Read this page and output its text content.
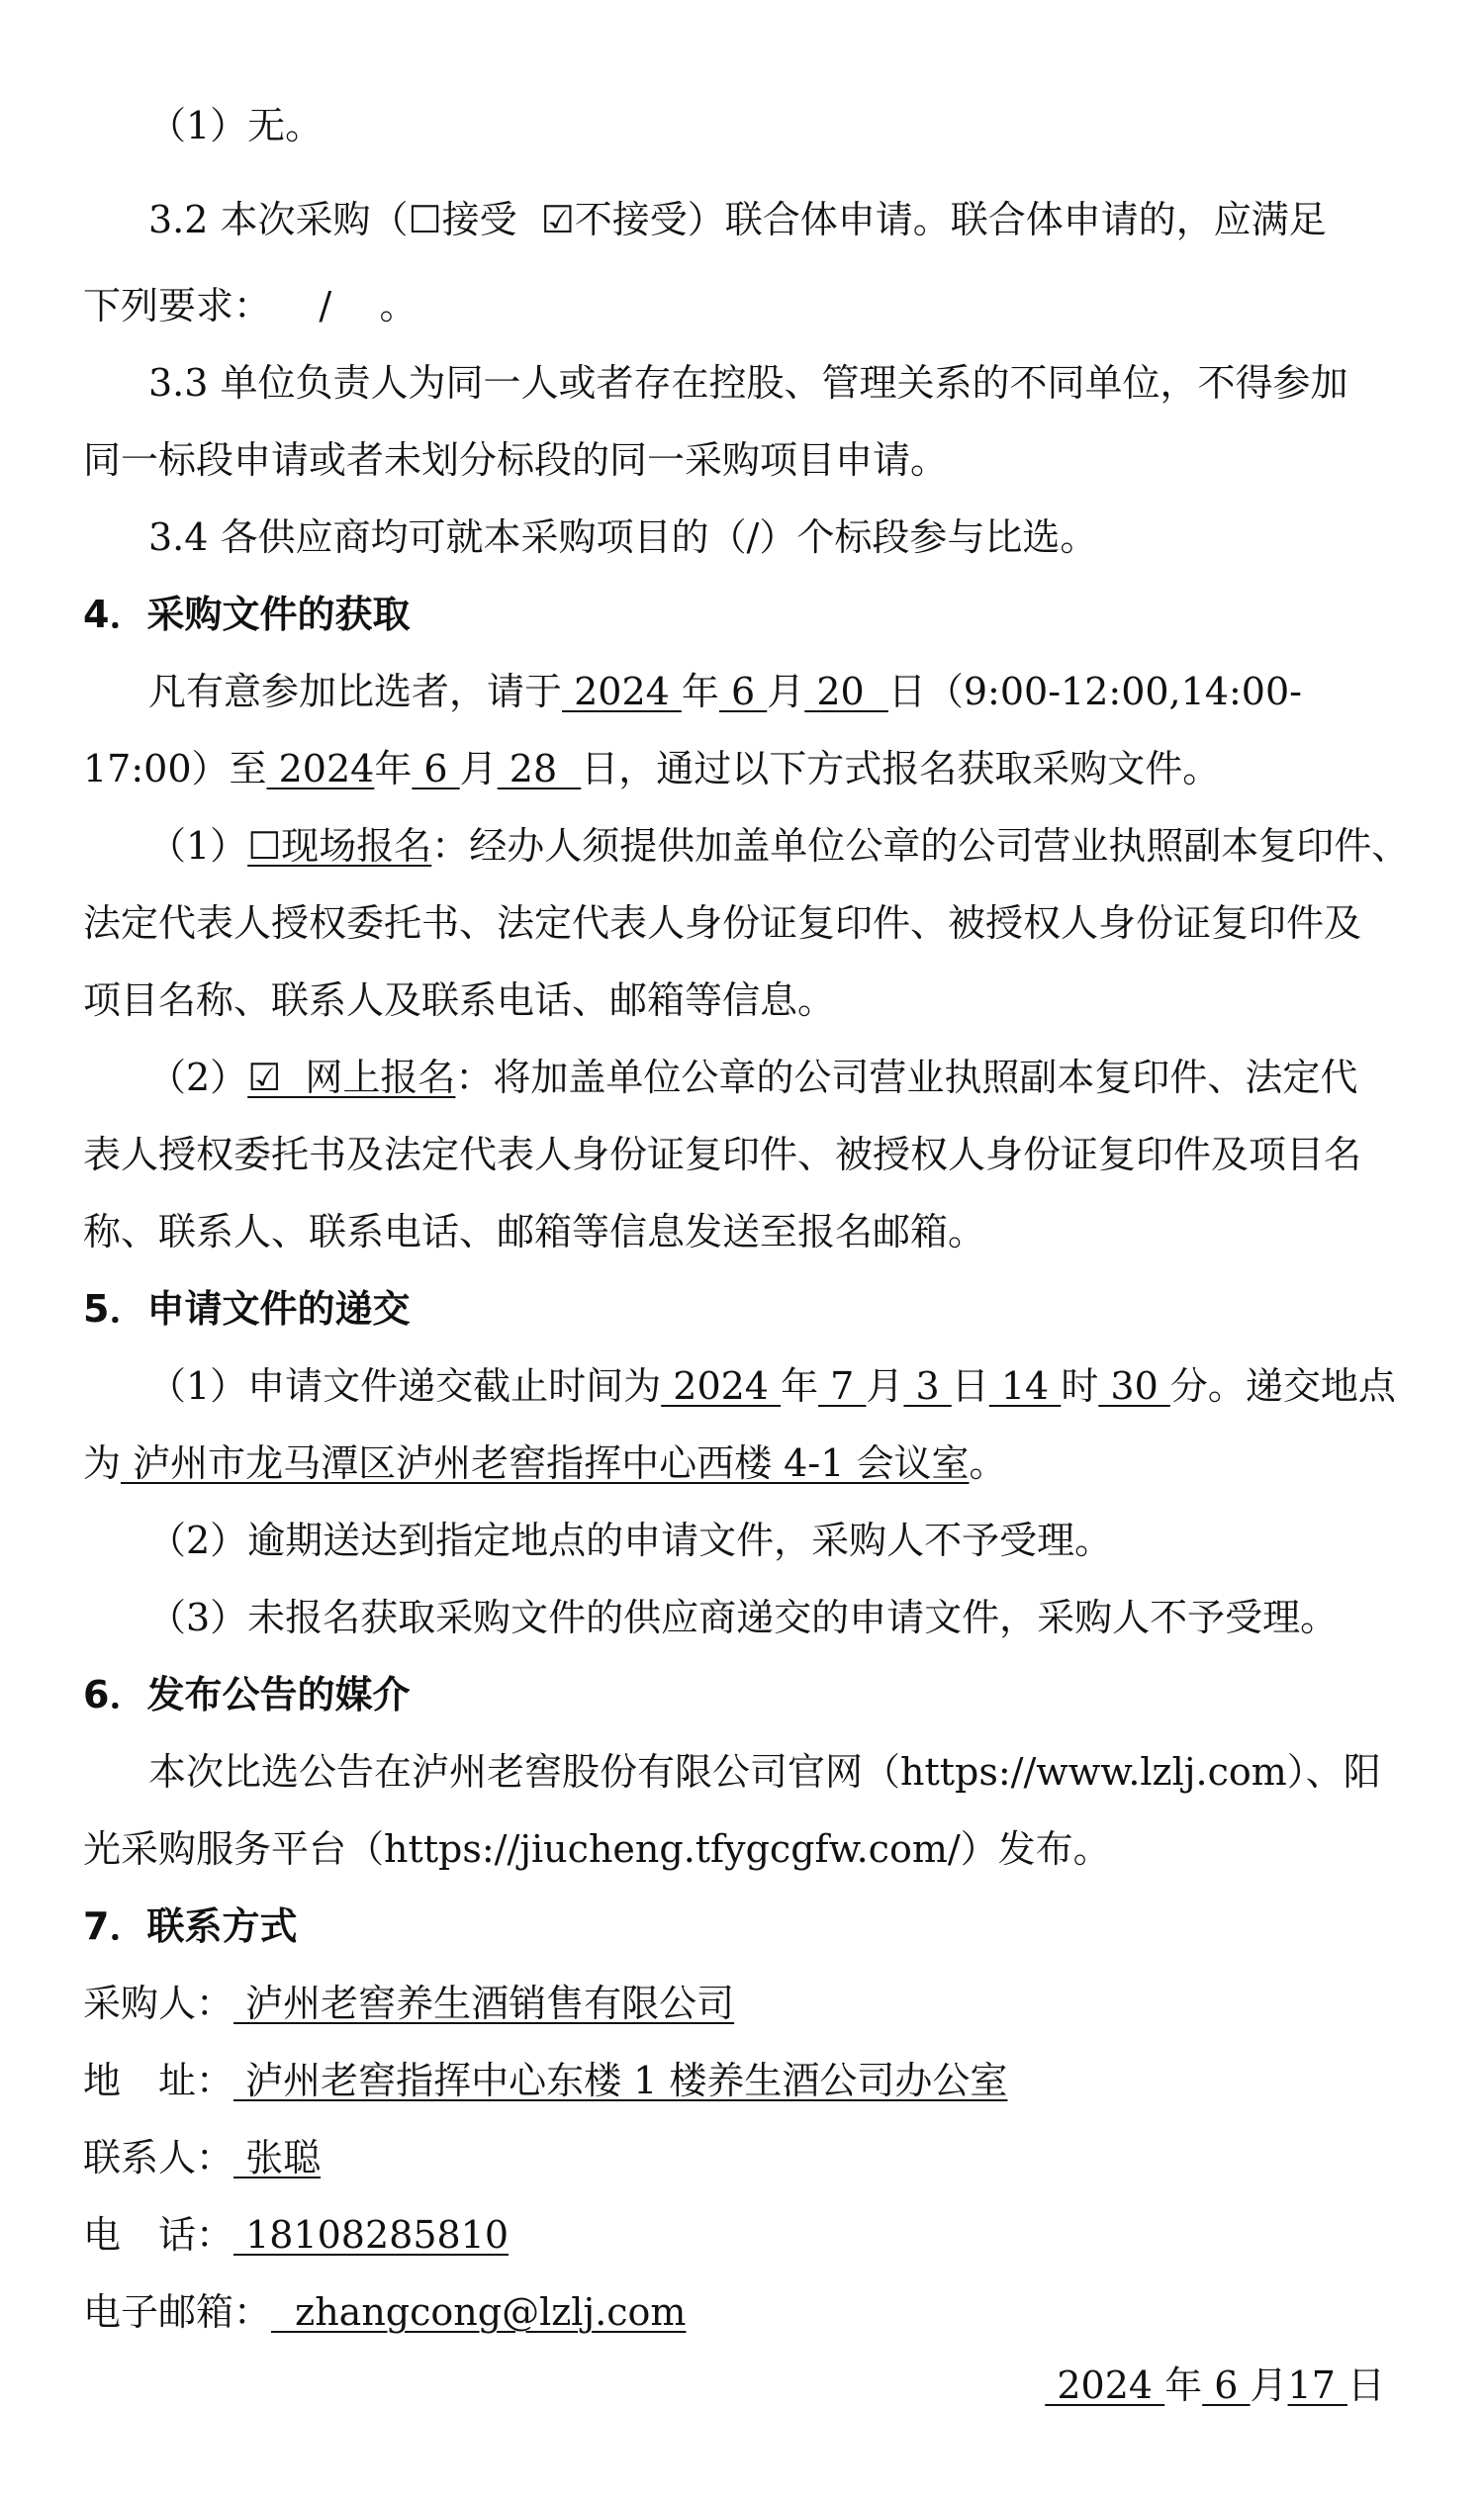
（1）无。
3.2 本次采购（☐接受  ☑不接受）联合体申请。联合体申请的，应满足
下列要求：    /    。
3.3 单位负责人为同一人或者存在控股、管理关系的不同单位，不得参加
同一标段申请或者未划分标段的同一采购项目申请。
3.4 各供应商均可就本采购项目的（/）个标段参与比选。
4．采购文件的获取
凡有意参加比选者，请于 2024 年 6 月 20  日（9:00-12:00,14:00-
17:00）至 2024年 6 月 28  日，通过以下方式报名获取采购文件。
（1）☐现场报名：经办人须提供加盖单位公章的公司营业执照副本复印件、
法定代表人授权委托书、法定代表人身份证复印件、被授权人身份证复印件及
项目名称、联系人及联系电话、邮箱等信息。
（2）☑  网上报名：将加盖单位公章的公司营业执照副本复印件、法定代
表人授权委托书及法定代表人身份证复印件、被授权人身份证复印件及项目名
称、联系人、联系电话、邮箱等信息发送至报名邮箱。
5．申请文件的递交
（1）申请文件递交截止时间为 2024 年 7 月 3 日 14 时 30 分。递交地点
为 泸州市龙马潭区泸州老窖指挥中心西楼 4-1 会议室。
（2）逾期送达到指定地点的申请文件，采购人不予受理。
（3）未报名获取采购文件的供应商递交的申请文件，采购人不予受理。
6．发布公告的媒介
本次比选公告在泸州老窖股份有限公司官网（https://www.lzlj.com）、阳
光采购服务平台（https://jiucheng.tfygcgfw.com/）发布。
7．联系方式
采购人： 泸州老窖养生酒销售有限公司
地　址： 泸州老窖指挥中心东楼 1 楼养生酒公司办公室
联系人： 张聪
电　话： 18108285810
电子邮箱：  zhangcong@lzlj.com
2024 年 6 月17 日
